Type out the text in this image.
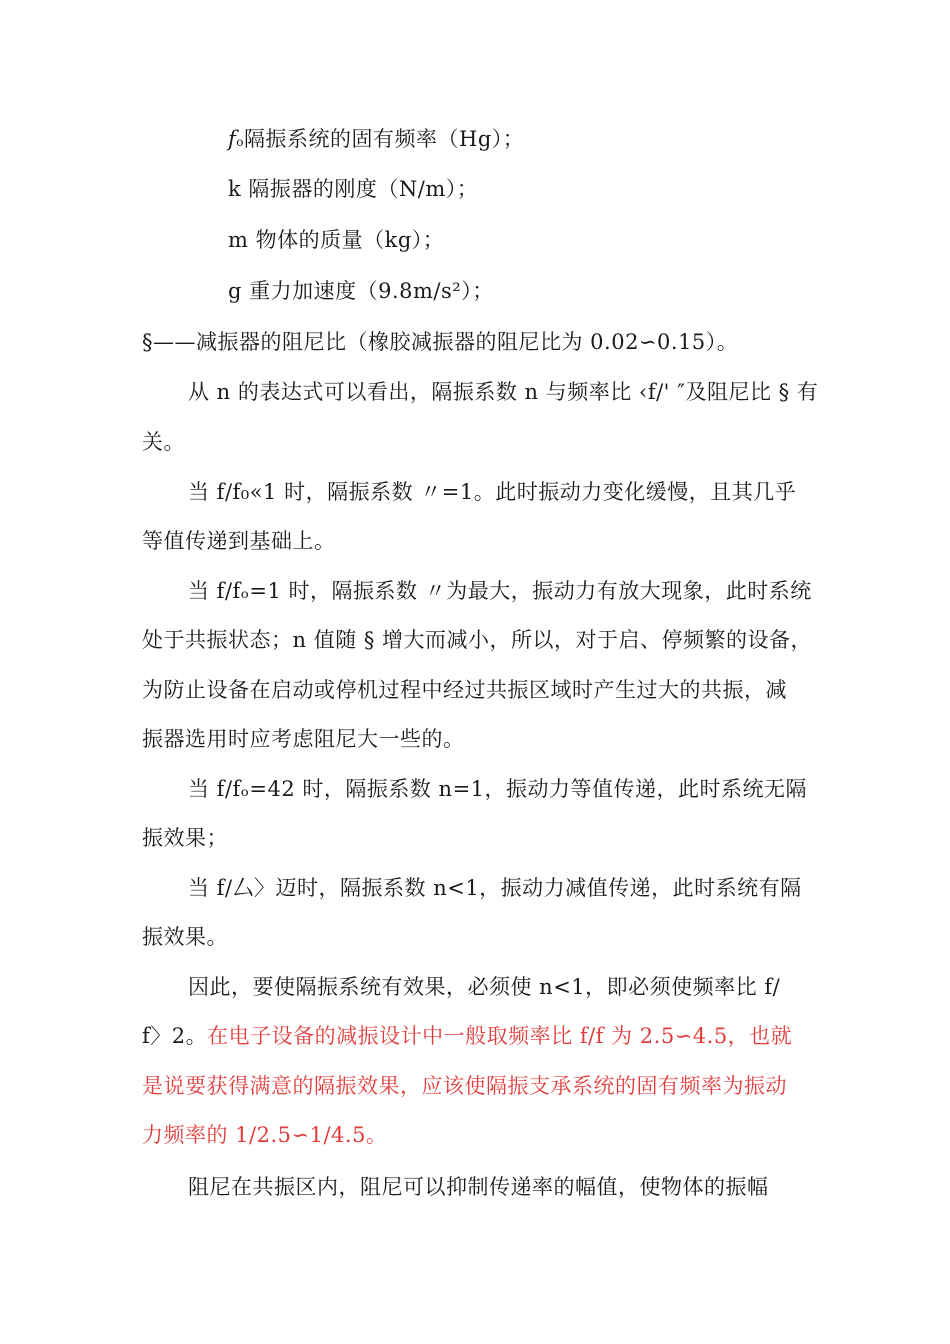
fo隔振系统的固有频率（Hg）；
k 隔振器的刚度（N/m）；
m 物体的质量（kg）；
g 重力加速度（9.8m/s²）；
§——减振器的阻尼比（橡胶减振器的阻尼比为 0.02∽0.15）。
从 n 的表达式可以看出，隔振系数 n 与频率比 ‹f/' ″及阻尼比 § 有
关。
当 f/f₀«1 时，隔振系数 〃=1。此时振动力变化缓慢，且其几乎
等值传递到基础上。
当 f/fₒ=1 时，隔振系数 〃为最大，振动力有放大现象，此时系统
处于共振状态；n 值随 § 增大而减小，所以，对于启、停频繁的设备，
为防止设备在启动或停机过程中经过共振区域时产生过大的共振，减
振器选用时应考虑阻尼大一些的。
当 f/fₒ=42 时，隔振系数 n=1，振动力等值传递，此时系统无隔
振效果；
当 f/厶〉迈时，隔振系数 n<1，振动力减值传递，此时系统有隔
振效果。
因此，要使隔振系统有效果，必须使 n<1，即必须使频率比 f/
f〉2。在电子设备的减振设计中一般取频率比 f/f 为 2.5∽4.5，也就
是说要获得满意的隔振效果，应该使隔振支承系统的固有频率为振动
力频率的 1/2.5∽1/4.5。
阻尼在共振区内，阻尼可以抑制传递率的幅值，使物体的振幅
